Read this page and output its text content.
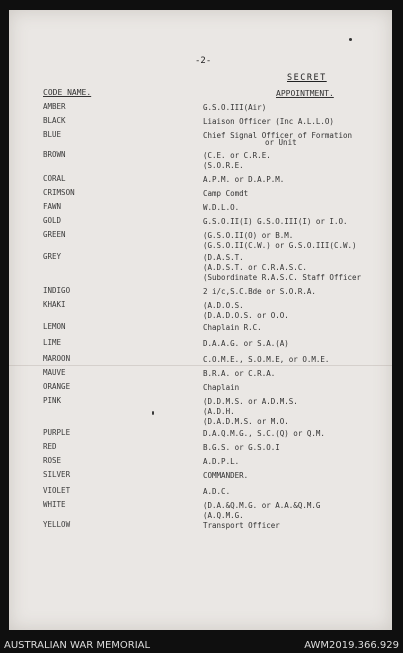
-2-
SECRET
CODE NAME.	APPOINTMENT.
AMBER	G.S.O.III(Air)
BLACK	Liaison Officer (Inc A.L.L.O)
BLUE	Chief Signal Officer of Formation
or Unit
BROWN	(C.E. or C.R.E.
(S.O.R.E.
CORAL	A.P.M. or D.A.P.M.
CRIMSON	Camp Comdt
FAWN	W.D.L.O.
GOLD	G.S.O.II(I) G.S.O.III(I) or I.O.
GREEN	(G.S.O.II(O) or B.M.
(G.S.O.II(C.W.) or G.S.O.III(C.W.)
GREY	(D.A.S.T.
(A.D.S.T. or C.R.A.S.C.
(Subordinate R.A.S.C. Staff Officer
INDIGO	2 i/c,S.C.Bde or S.O.R.A.
KHAKI	(A.D.O.S.
(D.A.D.O.S. or O.O.
LEMON	Chaplain R.C.
LIME	D.A.A.G. or S.A.(A)
MAROON	C.O.M.E., S.O.M.E, or O.M.E.
MAUVE	B.R.A. or C.R.A.
ORANGE	Chaplain
PINK	(D.D.M.S. or A.D.M.S.
(A.D.H.
(D.A.D.M.S. or M.O.
PURPLE	D.A.Q.M.G., S.C.(Q) or Q.M.
RED	B.G.S. or G.S.O.I
ROSE	A.D.P.L.
SILVER	COMMANDER.
VIOLET	A.D.C.
WHITE	(D.A.&Q.M.G. or A.A.&Q.M.G
(A.Q.M.G.
YELLOW	Transport Officer
AUSTRALIAN WAR MEMORIAL	AWM2019.366.929
